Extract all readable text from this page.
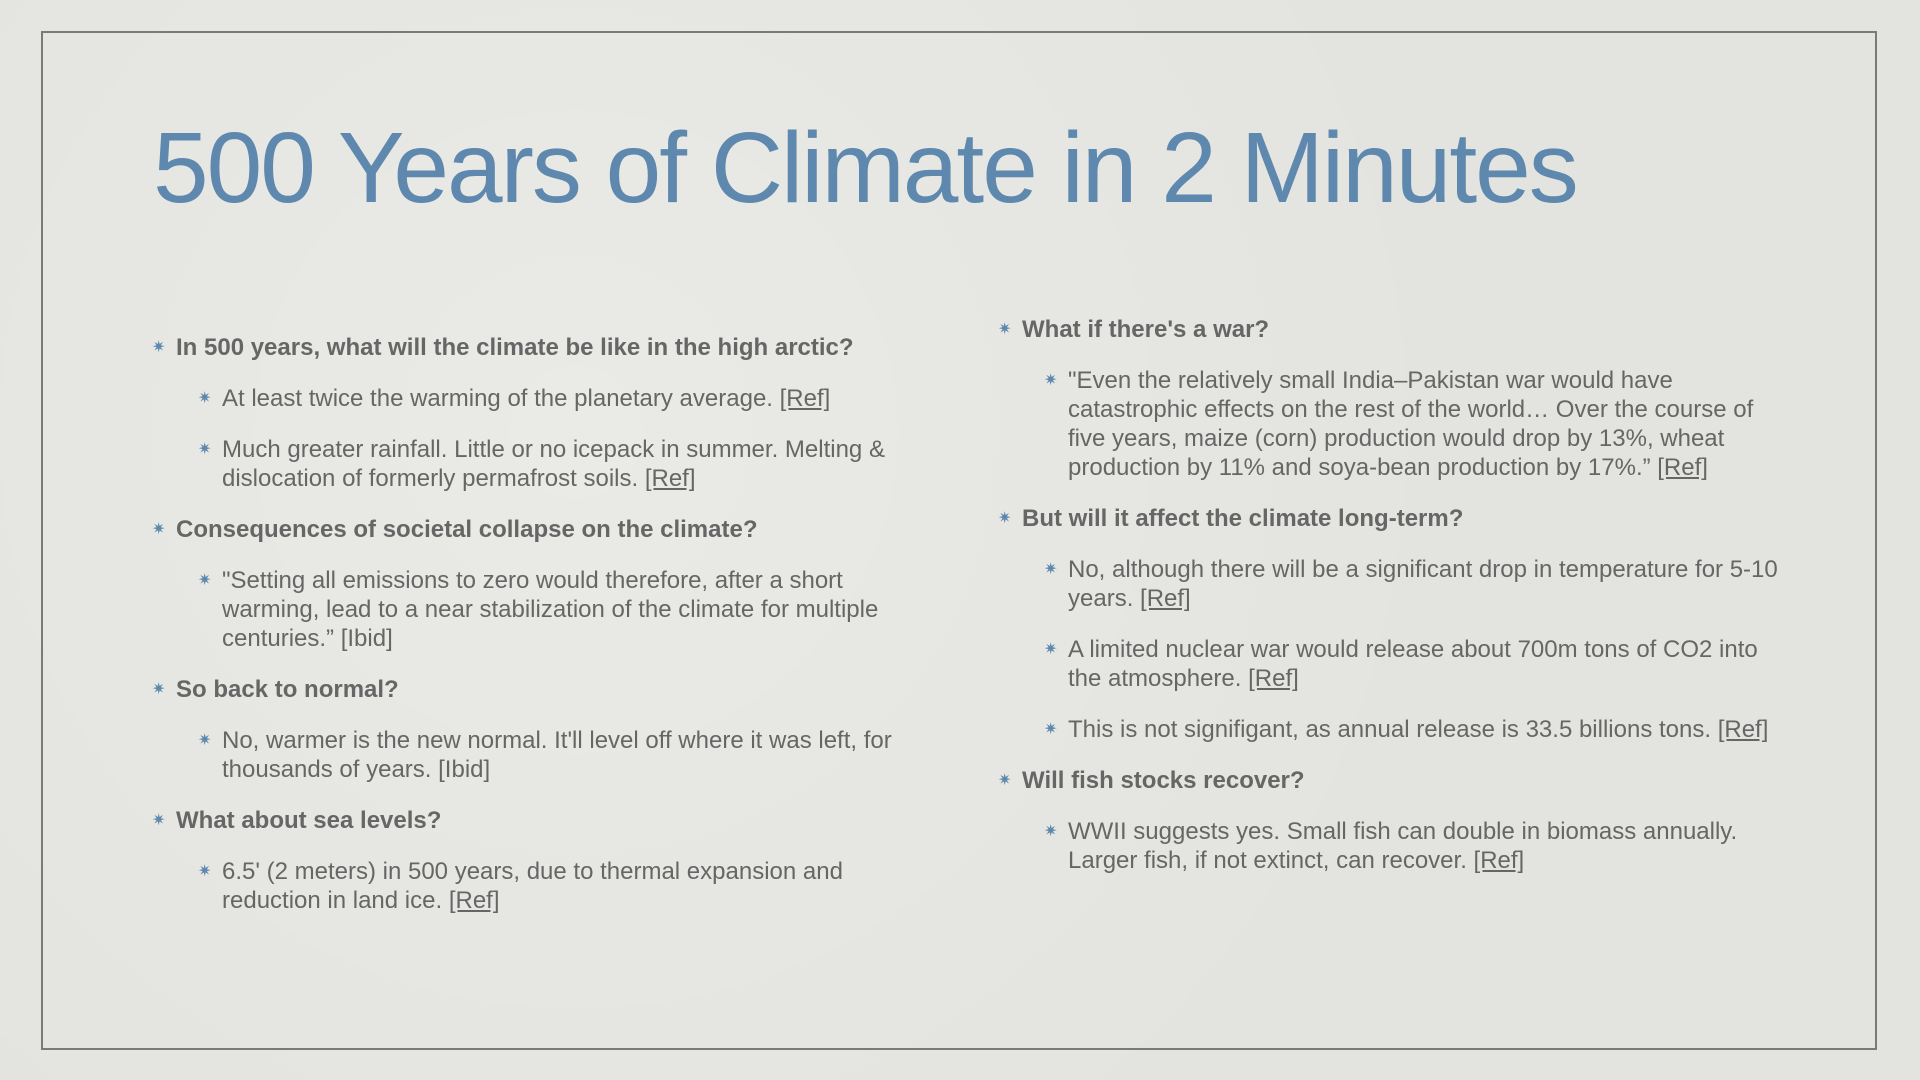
500 Years of Climate in 2 Minutes

✷ In 500 years, what will the climate be like in the high arctic?

✷ At least twice the warming of the planetary average. [Ref]

✷ Much greater rainfall. Little or no icepack in summer. Melting & dislocation of formerly permafrost soils. [Ref]

✷ Consequences of societal collapse on the climate?

✷ "Setting all emissions to zero would therefore, after a short warming, lead to a near stabilization of the climate for multiple centuries.” [Ibid]

✷ So back to normal?

✷ No, warmer is the new normal. It'll level off where it was left, for thousands of years. [Ibid]

✷ What about sea levels?

✷ 6.5' (2 meters) in 500 years, due to thermal expansion and reduction in land ice. [Ref]

✷ What if there's a war?

✷ "Even the relatively small India–Pakistan war would have catastrophic effects on the rest of the world… Over the course of five years, maize (corn) production would drop by 13%, wheat production by 11% and soya-bean production by 17%.” [Ref]

✷ But will it affect the climate long-term?

✷ No, although there will be a significant drop in temperature for 5-10 years. [Ref]

✷ A limited nuclear war would release about 700m tons of CO2 into the atmosphere. [Ref]

✷ This is not signifigant, as annual release is 33.5 billions tons. [Ref]

✷ Will fish stocks recover?

✷ WWII suggests yes. Small fish can double in biomass annually. Larger fish, if not extinct, can recover. [Ref]
